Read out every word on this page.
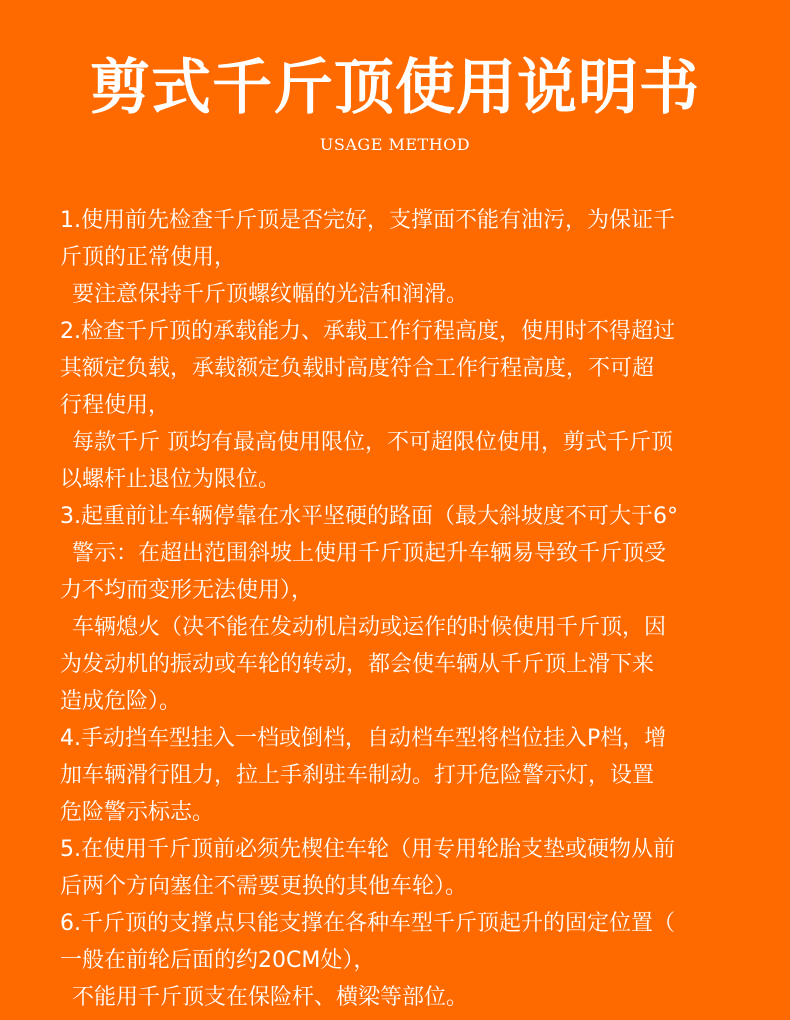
剪式千斤顶使用说明书
USAGE METHOD
1.使用前先检查千斤顶是否完好，支撑面不能有油污，为保证千
斤顶的正常使用，
要注意保持千斤顶螺纹幅的光洁和润滑。
2.检查千斤顶的承载能力、承载工作行程高度，使用时不得超过
其额定负载，承载额定负载时高度符合工作行程高度，不可超
行程使用，
每款千斤 顶均有最高使用限位，不可超限位使用，剪式千斤顶
以螺杆止退位为限位。
3.起重前让车辆停靠在水平坚硬的路面（最大斜坡度不可大于6°
警示：在超出范围斜坡上使用千斤顶起升车辆易导致千斤顶受
力不均而变形无法使用），
车辆熄火（决不能在发动机启动或运作的时候使用千斤顶，因
为发动机的振动或车轮的转动，都会使车辆从千斤顶上滑下来
造成危险）。
4.手动挡车型挂入一档或倒档，自动档车型将档位挂入P档，增
加车辆滑行阻力，拉上手刹驻车制动。打开危险警示灯，设置
危险警示标志。
5.在使用千斤顶前必须先楔住车轮（用专用轮胎支垫或硬物从前
后两个方向塞住不需要更换的其他车轮）。
6.千斤顶的支撑点只能支撑在各种车型千斤顶起升的固定位置（
一般在前轮后面的约20CM处），
不能用千斤顶支在保险杆、横梁等部位。
